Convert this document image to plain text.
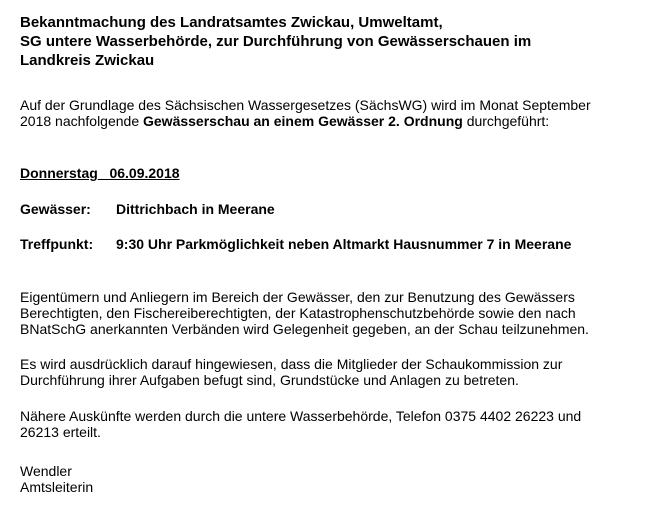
Bekanntmachung des Landratsamtes Zwickau, Umweltamt,
SG untere Wasserbehörde, zur Durchführung von Gewässerschauen im
Landkreis Zwickau

Auf der Grundlage des Sächsischen Wassergesetzes (SächsWG) wird im Monat September
2018 nachfolgende Gewässerschau an einem Gewässer 2. Ordnung durchgeführt:

Donnerstag 06.09.2018
Gewässer: Dittrichbach in Meerane
Treffpunkt: 9:30 Uhr Parkmöglichkeit neben Altmarkt Hausnummer 7 in Meerane

Eigentümern und Anliegern im Bereich der Gewässer, den zur Benutzung des Gewässers
Berechtigten, den Fischereiberechtigten, der Katastrophenschutzbehörde sowie den nach
BNatSchG anerkannten Verbänden wird Gelegenheit gegeben, an der Schau teilzunehmen.

Es wird ausdrücklich darauf hingewiesen, dass die Mitglieder der Schaukommission zur
Durchführung ihrer Aufgaben befugt sind, Grundstücke und Anlagen zu betreten.

Nähere Auskünfte werden durch die untere Wasserbehörde, Telefon 0375 4402 26223 und
26213 erteilt.

Wendler
Amtsleiterin
